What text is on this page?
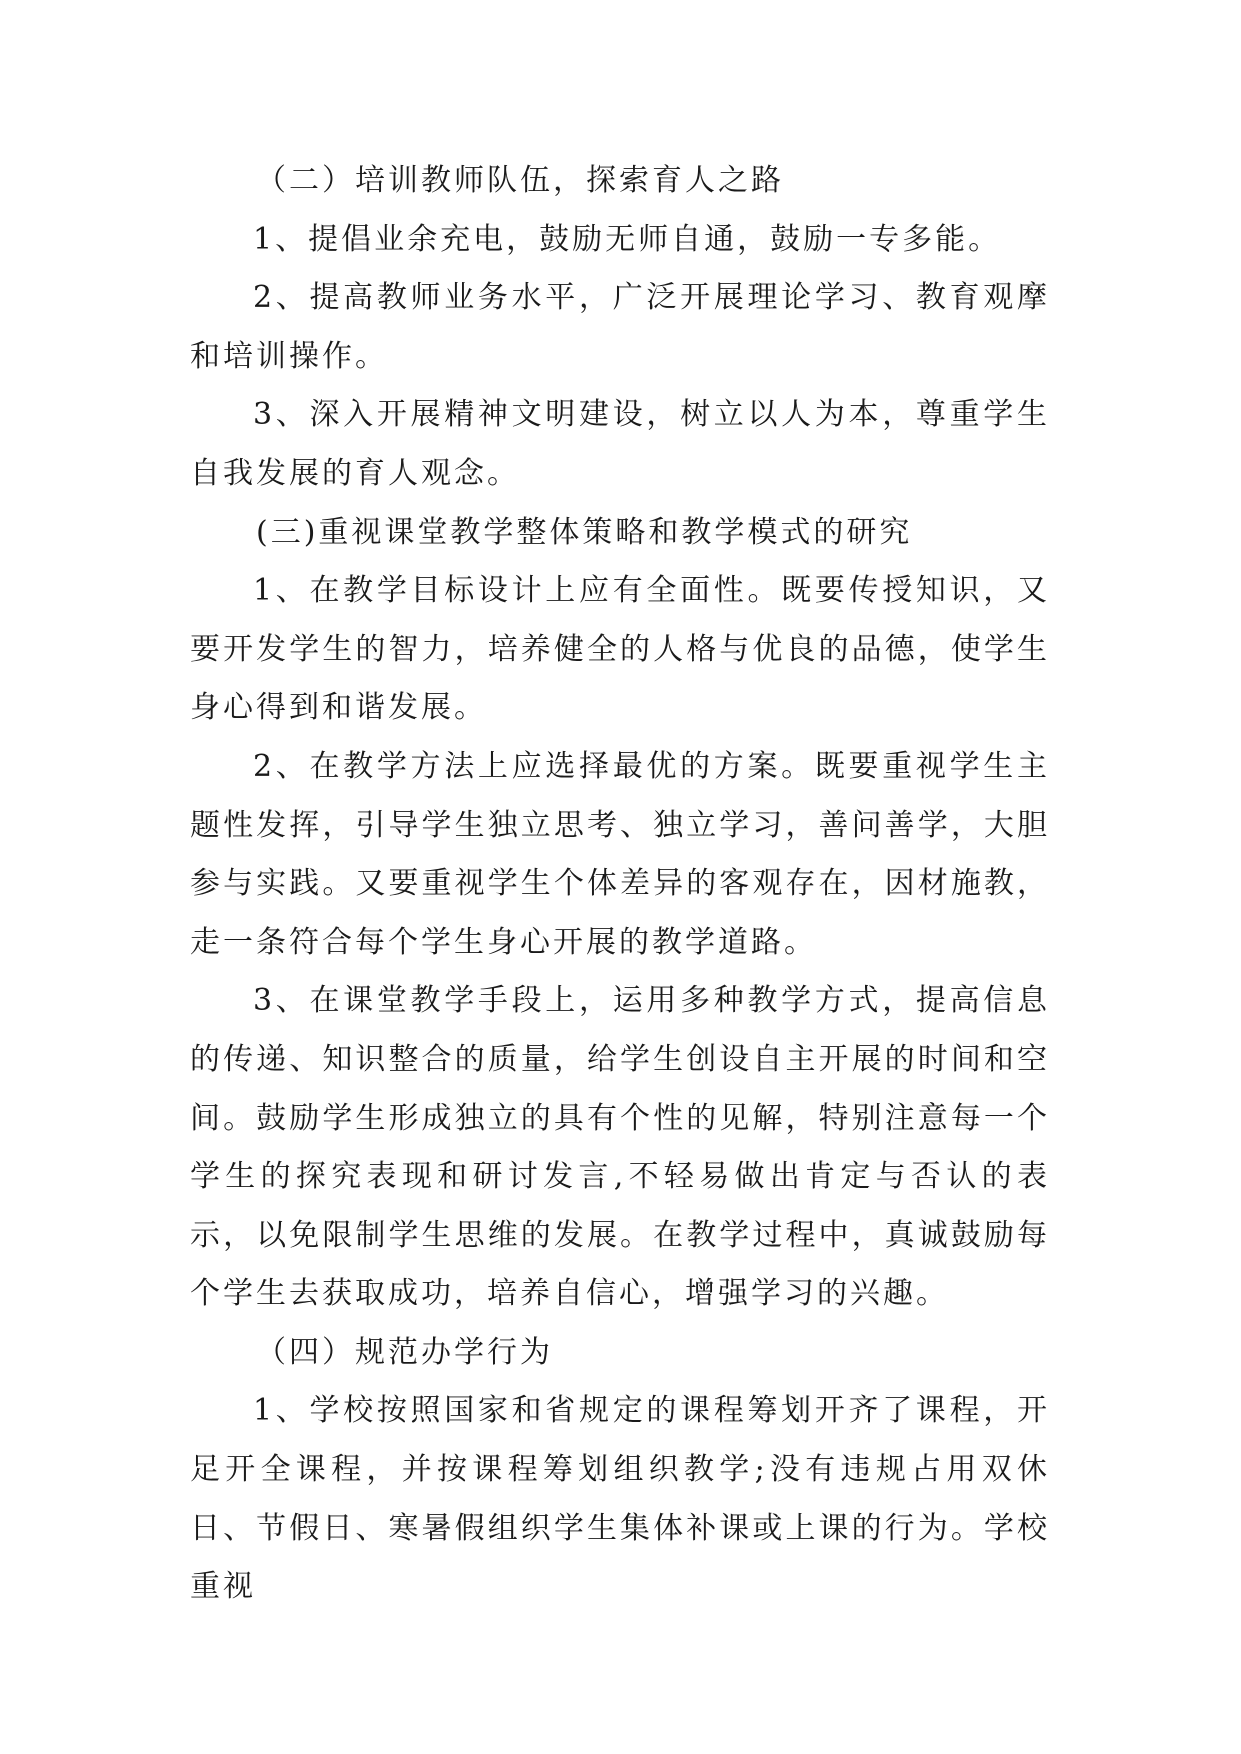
（二）培训教师队伍，探索育人之路

1、提倡业余充电，鼓励无师自通，鼓励一专多能。

2、提高教师业务水平，广泛开展理论学习、教育观摩和培训操作。

3、深入开展精神文明建设，树立以人为本，尊重学生自我发展的育人观念。

(三)重视课堂教学整体策略和教学模式的研究

1、在教学目标设计上应有全面性。既要传授知识，又要开发学生的智力，培养健全的人格与优良的品德，使学生身心得到和谐发展。

2、在教学方法上应选择最优的方案。既要重视学生主题性发挥，引导学生独立思考、独立学习，善问善学，大胆参与实践。又要重视学生个体差异的客观存在，因材施教，走一条符合每个学生身心开展的教学道路。

3、在课堂教学手段上，运用多种教学方式，提高信息的传递、知识整合的质量，给学生创设自主开展的时间和空间。鼓励学生形成独立的具有个性的见解，特别注意每一个学生的探究表现和研讨发言,不轻易做出肯定与否认的表示，以免限制学生思维的发展。在教学过程中，真诚鼓励每个学生去获取成功，培养自信心，增强学习的兴趣。

（四）规范办学行为

1、学校按照国家和省规定的课程筹划开齐了课程，开足开全课程，并按课程筹划组织教学;没有违规占用双休日、节假日、寒暑假组织学生集体补课或上课的行为。学校重视
